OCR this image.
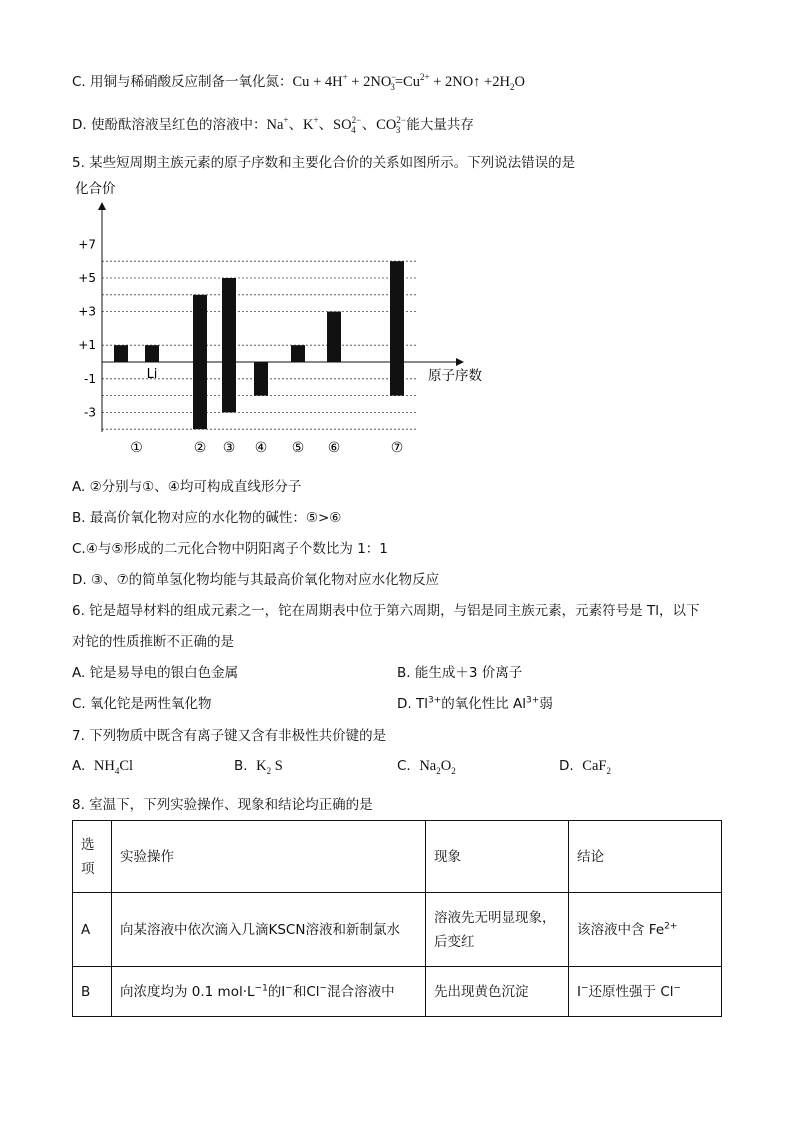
C. 用铜与稀硝酸反应制备一氧化氮：$Cu + 4H^+ + 2NO^-_3=Cu^{2+}$ + 2NO↑ $+2H_2O$
D. 使酚酞溶液呈红色的溶液中：Na+、K+、$SO^{2-}_4$ 、$CO^{2-}_3$ 能大量共存
5. 某些短周期主族元素的原子序数和主要化合价的关系如图所示。下列说法错误的是
化合价
+7
+5
+3
+1
-1
-3
原子序数
Li
①	② ③ ④ ⑤ ⑥	⑦
A. ②分别与①、④均可构成直线形分子
B. 最高价氧化物对应的水化物的碱性：⑤>⑥
C.④与⑤形成的二元化合物中阴阳离子个数比为 1：1
D. ③、⑦的简单氢化物均能与其最高价氧化物对应水化物反应
6. 铊是超导材料的组成元素之一，铊在周期表中位于第六周期，与铝是同主族元素，元素符号是 Tl，以下
对铊的性质推断不正确的是
A. 铊是易导电的银白色金属	B. 能生成＋3 价离子
C. 氧化铊是两性氧化物	D. $Tl^{3+}$的氧化性比 $Al^{3+}$弱
7. 下列物质中既含有离子键又含有非极性共价键的是
A. $NH_4Cl$	B. $K_2$ S	C. $Na_2O_2$	D. CaF$_2$
8. 室温下，下列实验操作、现象和结论均正确的是
选
项	实验操作	现象	结论
A	向某溶液中依次滴入几滴KSCN溶液和新制氯水	溶液先无明显现象，后变红	该溶液中含 $Fe^{2+}$
B	向浓度均为 0.1 $mol\cdot L^{-1}$的I−和Cl−混合溶液中	先出现黄色沉淀	I−还原性强于 Cl−
